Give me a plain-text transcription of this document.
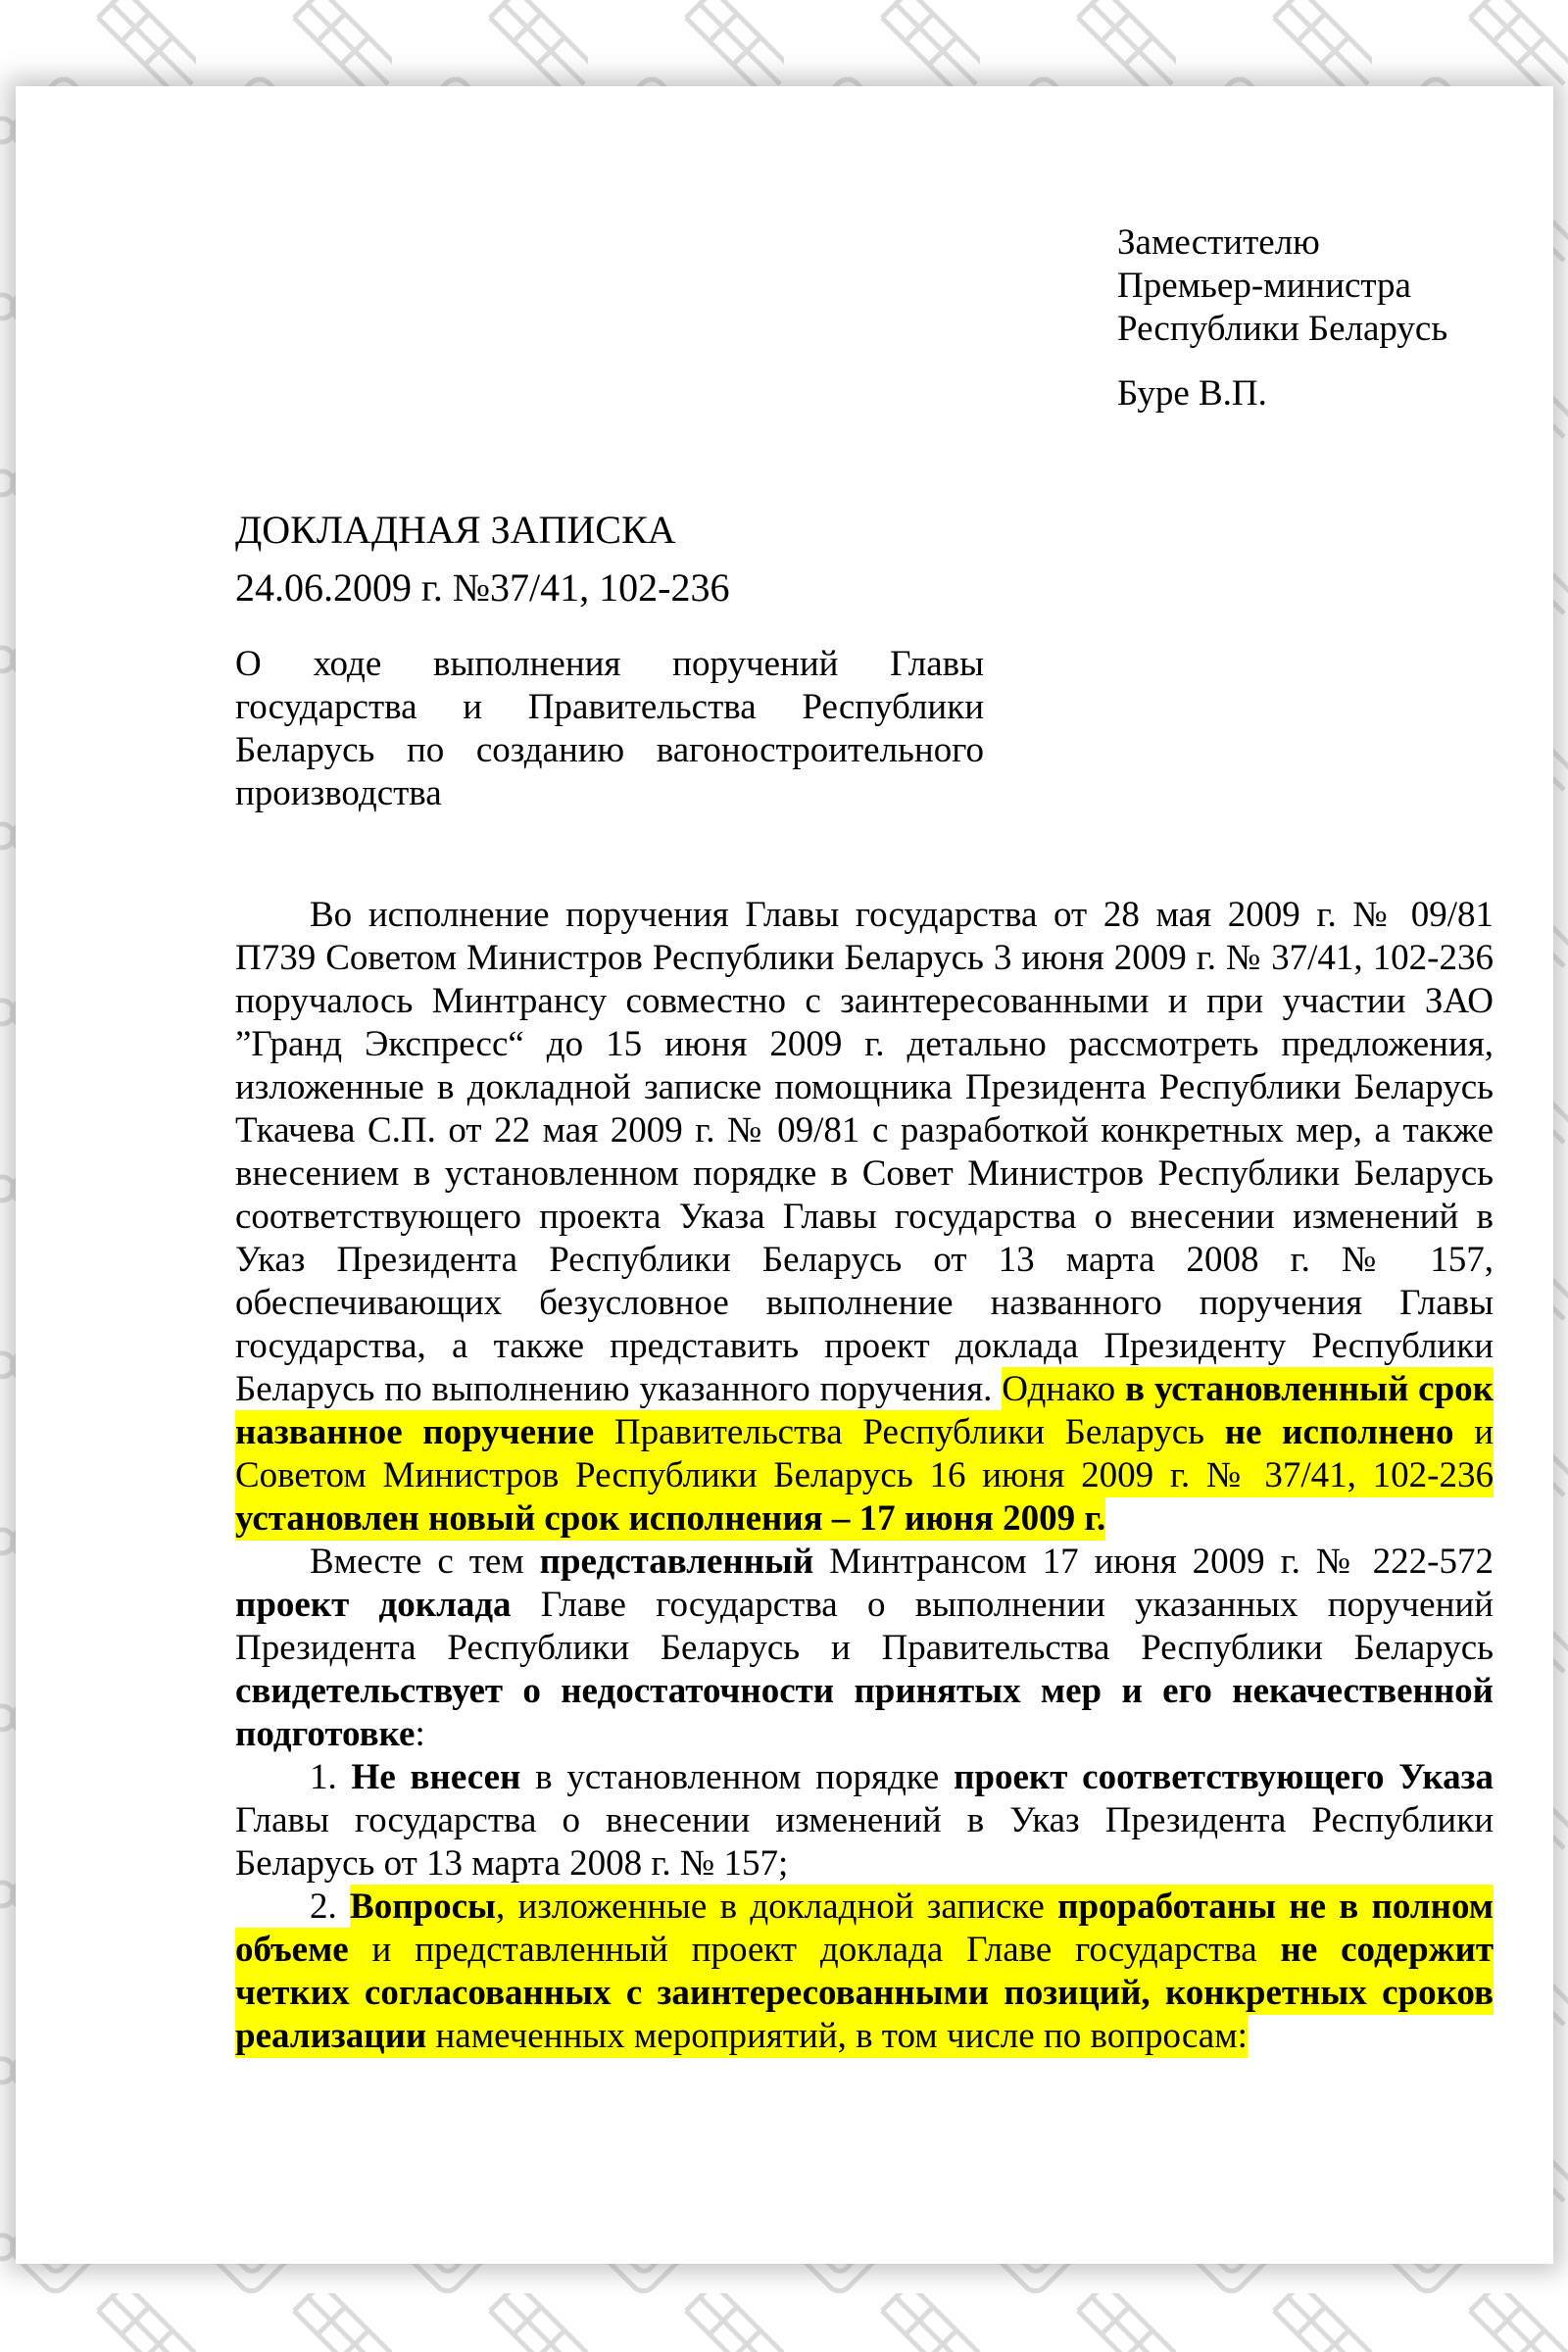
Заместителю
Премьер-министра
Республики Беларусь
Буре В.П.
ДОКЛАДНАЯ ЗАПИСКА
24.06.2009 г. №37/41, 102-236
О ходе выполнения поручений Главы государства и Правительства Республики Беларусь по созданию вагоностроительного производства

Во исполнение поручения Главы государства от 28 мая 2009 г. № 09/81 П739 Советом Министров Республики Беларусь 3 июня 2009 г. № 37/41, 102-236 поручалось Минтрансу совместно с заинтересованными и при участии ЗАО ”Гранд Экспресс“ до 15 июня 2009 г. детально рассмотреть предложения, изложенные в докладной записке помощника Президента Республики Беларусь Ткачева С.П. от 22 мая 2009 г. № 09/81 с разработкой конкретных мер, а также внесением в установленном порядке в Совет Министров Республики Беларусь соответствующего проекта Указа Главы государства о внесении изменений в Указ Президента Республики Беларусь от 13 марта 2008 г. № 157, обеспечивающих безусловное выполнение названного поручения Главы государства, а также представить проект доклада Президенту Республики Беларусь по выполнению указанного поручения. Однако в установленный срок названное поручение Правительства Республики Беларусь не исполнено и Советом Министров Республики Беларусь 16 июня 2009 г. № 37/41, 102-236 установлен новый срок исполнения – 17 июня 2009 г.

Вместе с тем представленный Минтрансом 17 июня 2009 г. № 222-572 проект доклада Главе государства о выполнении указанных поручений Президента Республики Беларусь и Правительства Республики Беларусь свидетельствует о недостаточности принятых мер и его некачественной подготовке:

1. Не внесен в установленном порядке проект соответствующего Указа Главы государства о внесении изменений в Указ Президента Республики Беларусь от 13 марта 2008 г. № 157;

2. Вопросы, изложенные в докладной записке проработаны не в полном объеме и представленный проект доклада Главе государства не содержит четких согласованных с заинтересованными позиций, конкретных сроков реализации намеченных мероприятий, в том числе по вопросам:
